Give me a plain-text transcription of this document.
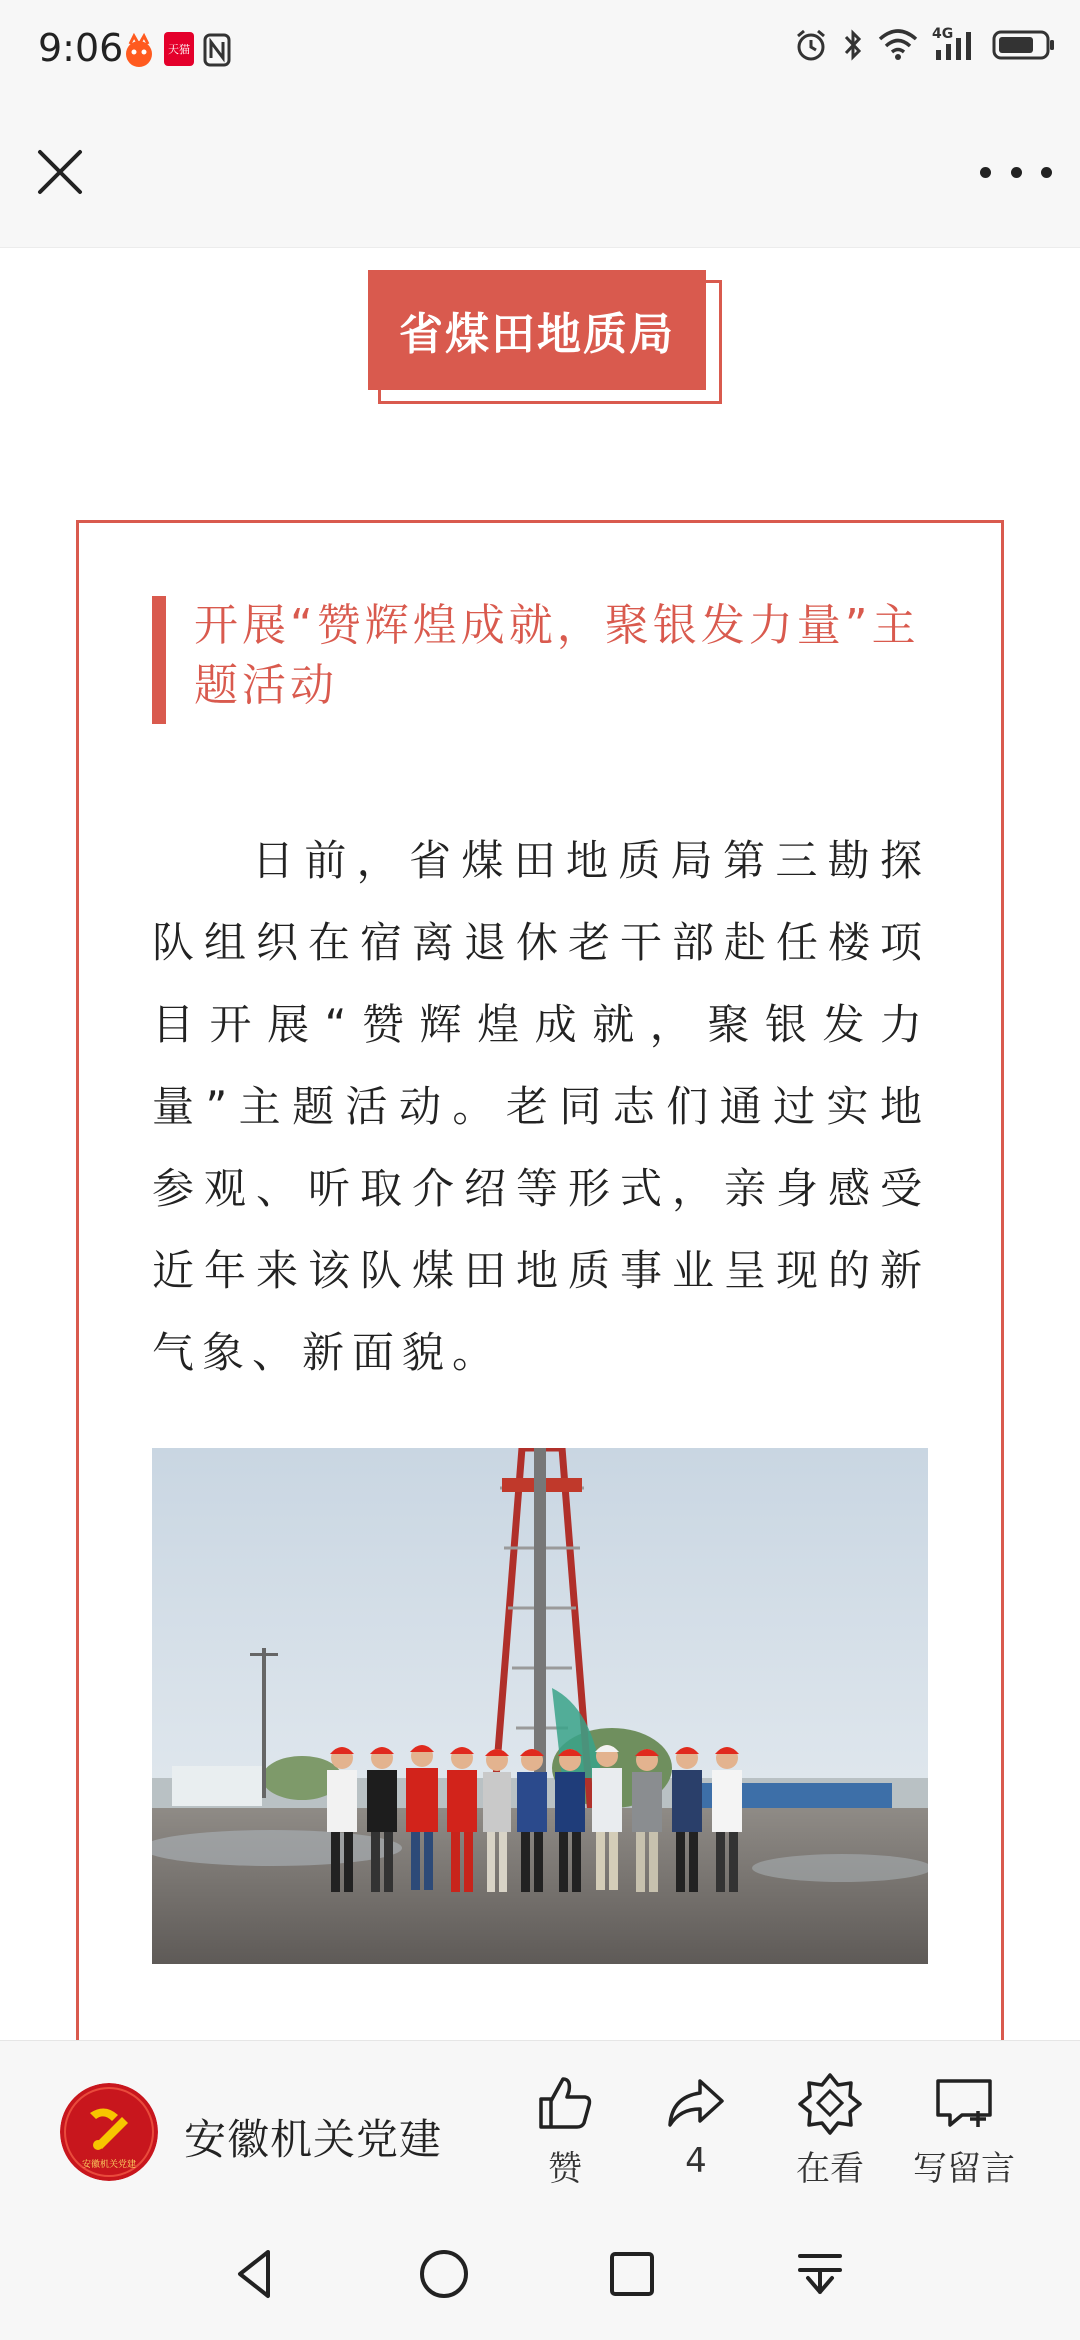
9:06	天猫
4G
省煤田地质局
开展“赞辉煌成就，聚银发力量”主题活动
日前，省煤田地质局第三勘探队组织在宿离退休老干部赴任楼项目开展“赞辉煌成就，聚银发力量”主题活动。老同志们通过实地参观、听取介绍等形式，亲身感受近年来该队煤田地质事业呈现的新气象、新面貌。
安徽机关党建
安徽机关党建
赞	4	在看 写留言
